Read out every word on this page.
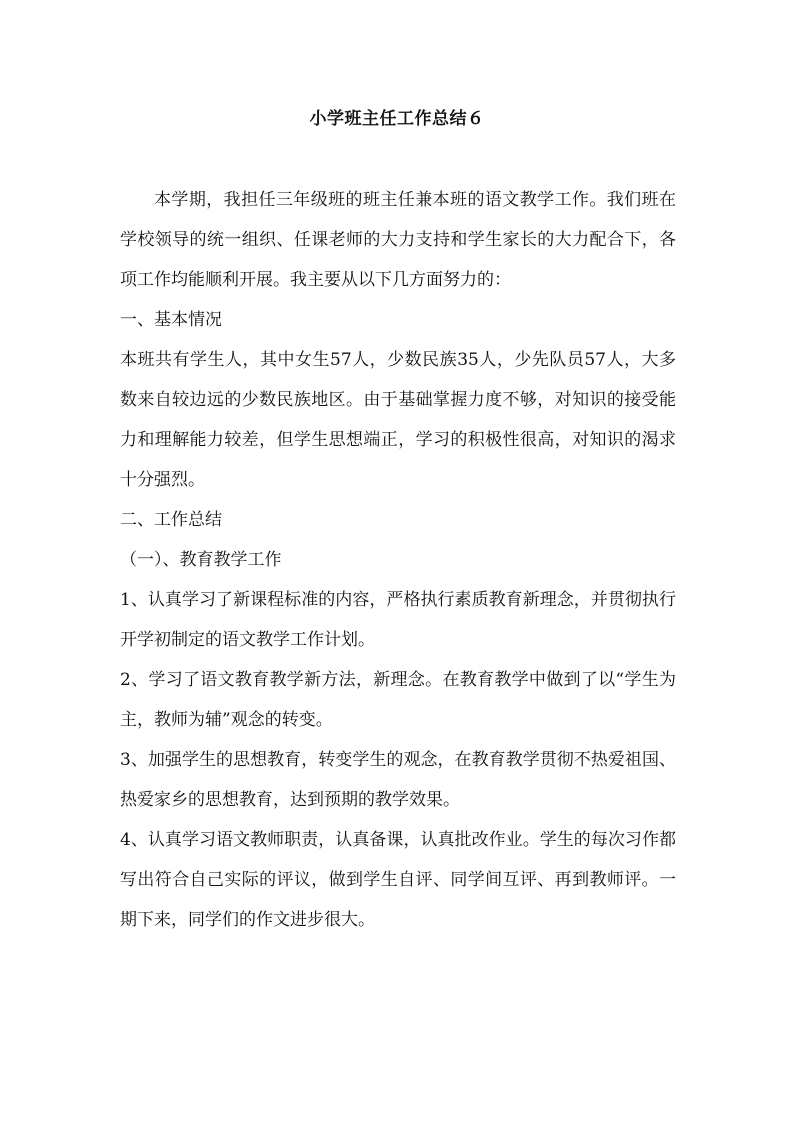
小学班主任工作总结６

本学期，我担任三年级班的班主任兼本班的语文教学工作。我们班在学校领导的统一组织、任课老师的大力支持和学生家长的大力配合下，各项工作均能顺利开展。我主要从以下几方面努力的：

一、基本情况

本班共有学生人，其中女生57人，少数民族35人，少先队员57人，大多数来自较边远的少数民族地区。由于基础掌握力度不够，对知识的接受能力和理解能力较差，但学生思想端正，学习的积极性很高，对知识的渴求十分强烈。

二、工作总结

（一）、教育教学工作

1、认真学习了新课程标准的内容，严格执行素质教育新理念，并贯彻执行开学初制定的语文教学工作计划。

2、学习了语文教育教学新方法，新理念。在教育教学中做到了以“学生为主，教师为辅”观念的转变。

3、加强学生的思想教育，转变学生的观念，在教育教学贯彻不热爱祖国、热爱家乡的思想教育，达到预期的教学效果。

4、认真学习语文教师职责，认真备课，认真批改作业。学生的每次习作都写出符合自己实际的评议，做到学生自评、同学间互评、再到教师评。一期下来，同学们的作文进步很大。
